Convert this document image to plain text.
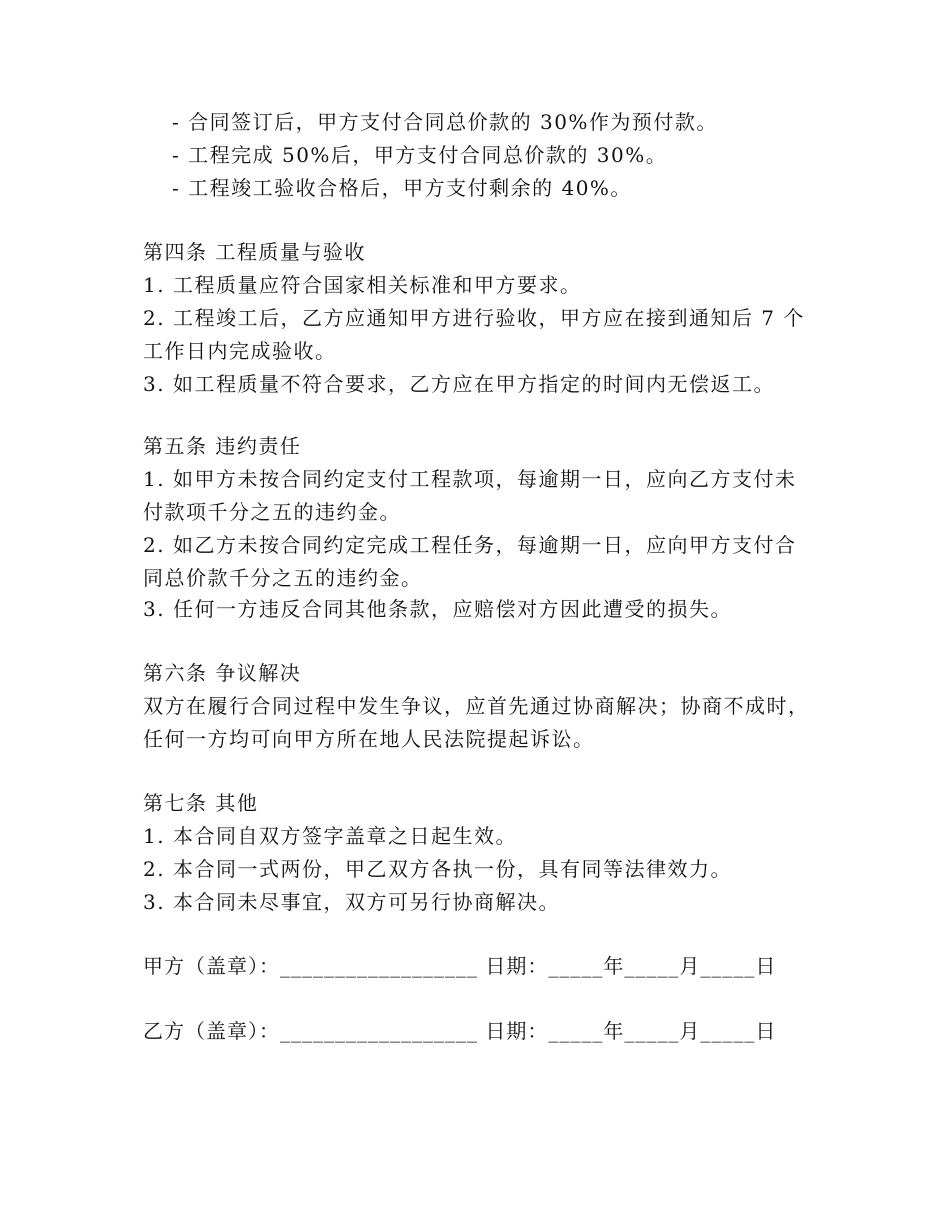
- 合同签订后，甲方支付合同总价款的 30%作为预付款。
- 工程完成 50%后，甲方支付合同总价款的 30%。
- 工程竣工验收合格后，甲方支付剩余的 40%。
第四条 工程质量与验收
1. 工程质量应符合国家相关标准和甲方要求。
2. 工程竣工后，乙方应通知甲方进行验收，甲方应在接到通知后 7 个
工作日内完成验收。
3. 如工程质量不符合要求，乙方应在甲方指定的时间内无偿返工。
第五条 违约责任
1. 如甲方未按合同约定支付工程款项，每逾期一日，应向乙方支付未
付款项千分之五的违约金。
2. 如乙方未按合同约定完成工程任务，每逾期一日，应向甲方支付合
同总价款千分之五的违约金。
3. 任何一方违反合同其他条款，应赔偿对方因此遭受的损失。
第六条 争议解决
双方在履行合同过程中发生争议，应首先通过协商解决；协商不成时，
任何一方均可向甲方所在地人民法院提起诉讼。
第七条 其他
1. 本合同自双方签字盖章之日起生效。
2. 本合同一式两份，甲乙双方各执一份，具有同等法律效力。
3. 本合同未尽事宜，双方可另行协商解决。
甲方（盖章）：__________________ 日期：_____年_____月_____日
乙方（盖章）：__________________ 日期：_____年_____月_____日
